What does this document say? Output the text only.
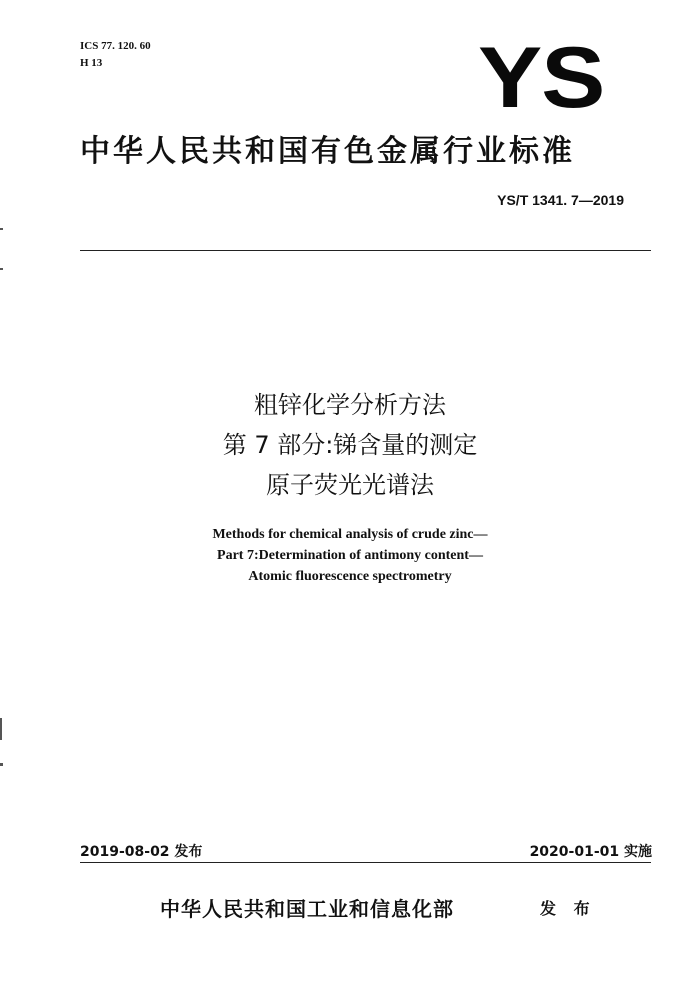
ICS 77. 120. 60
H 13	YS
中华人民共和国有色金属行业标准
YS/T 1341. 7—2019
粗锌化学分析方法
第 7 部分:锑含量的测定
原子荧光光谱法
Methods for chemical analysis of crude zinc—
Part 7:Determination of antimony content—
Atomic fluorescence spectrometry
2019-08-02 发布	2020-01-01 实施
中华人民共和国工业和信息化部	发 布
